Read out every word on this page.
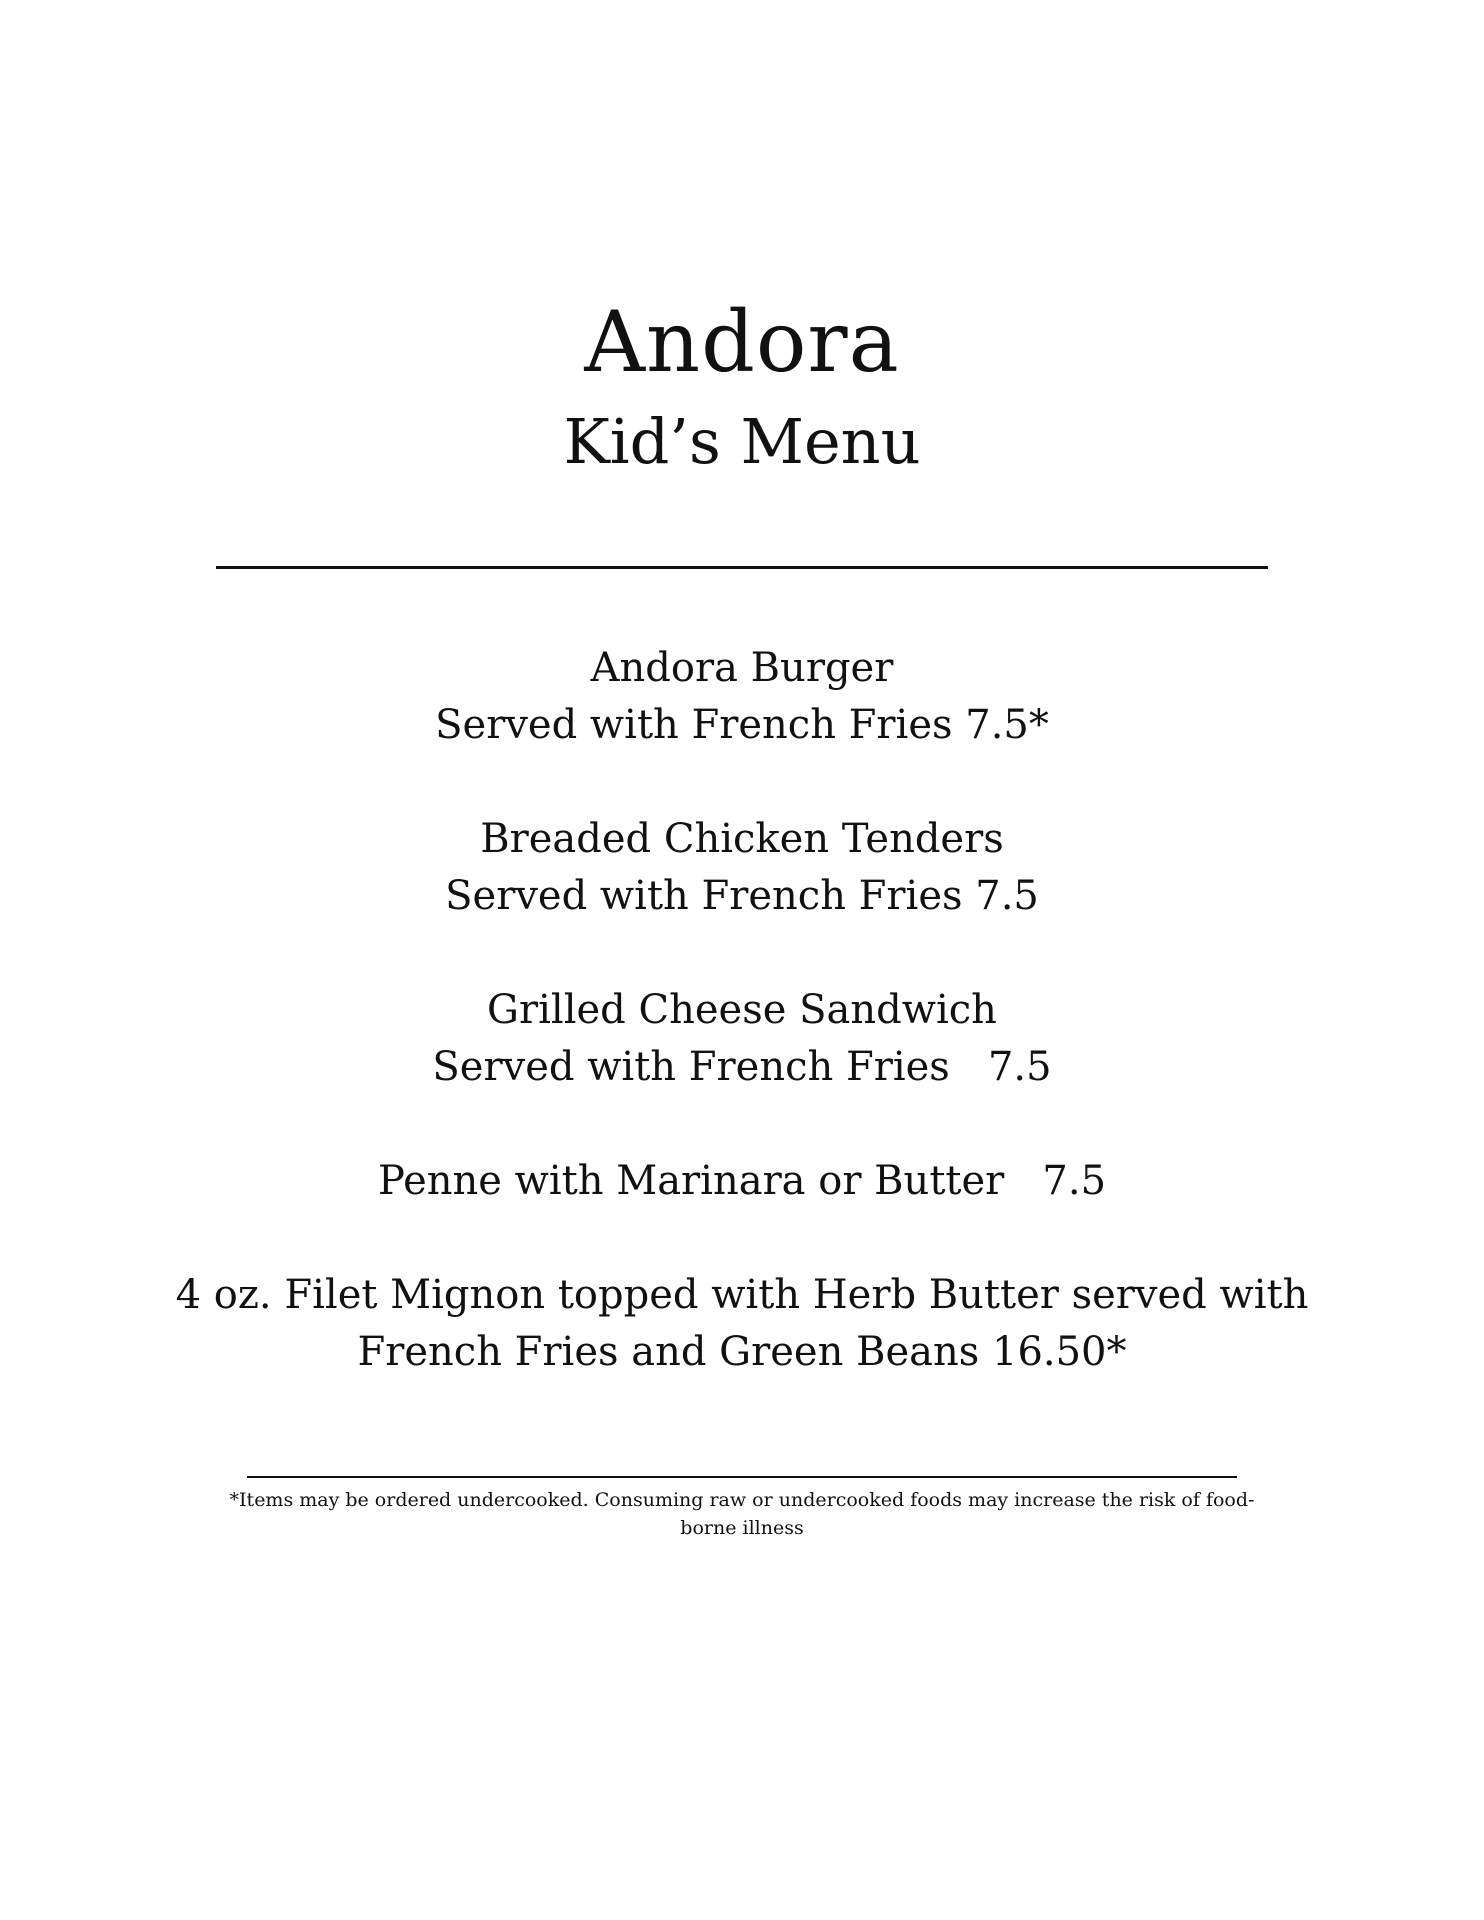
Andora
Kid’s Menu
Andora Burger
Served with French Fries 7.5*
Breaded Chicken Tenders
Served with French Fries 7.5
Grilled Cheese Sandwich
Served with French Fries   7.5
Penne with Marinara or Butter   7.5
4 oz. Filet Mignon topped with Herb Butter served with
French Fries and Green Beans 16.50*
*Items may be ordered undercooked. Consuming raw or undercooked foods may increase the risk of food-borne illness
